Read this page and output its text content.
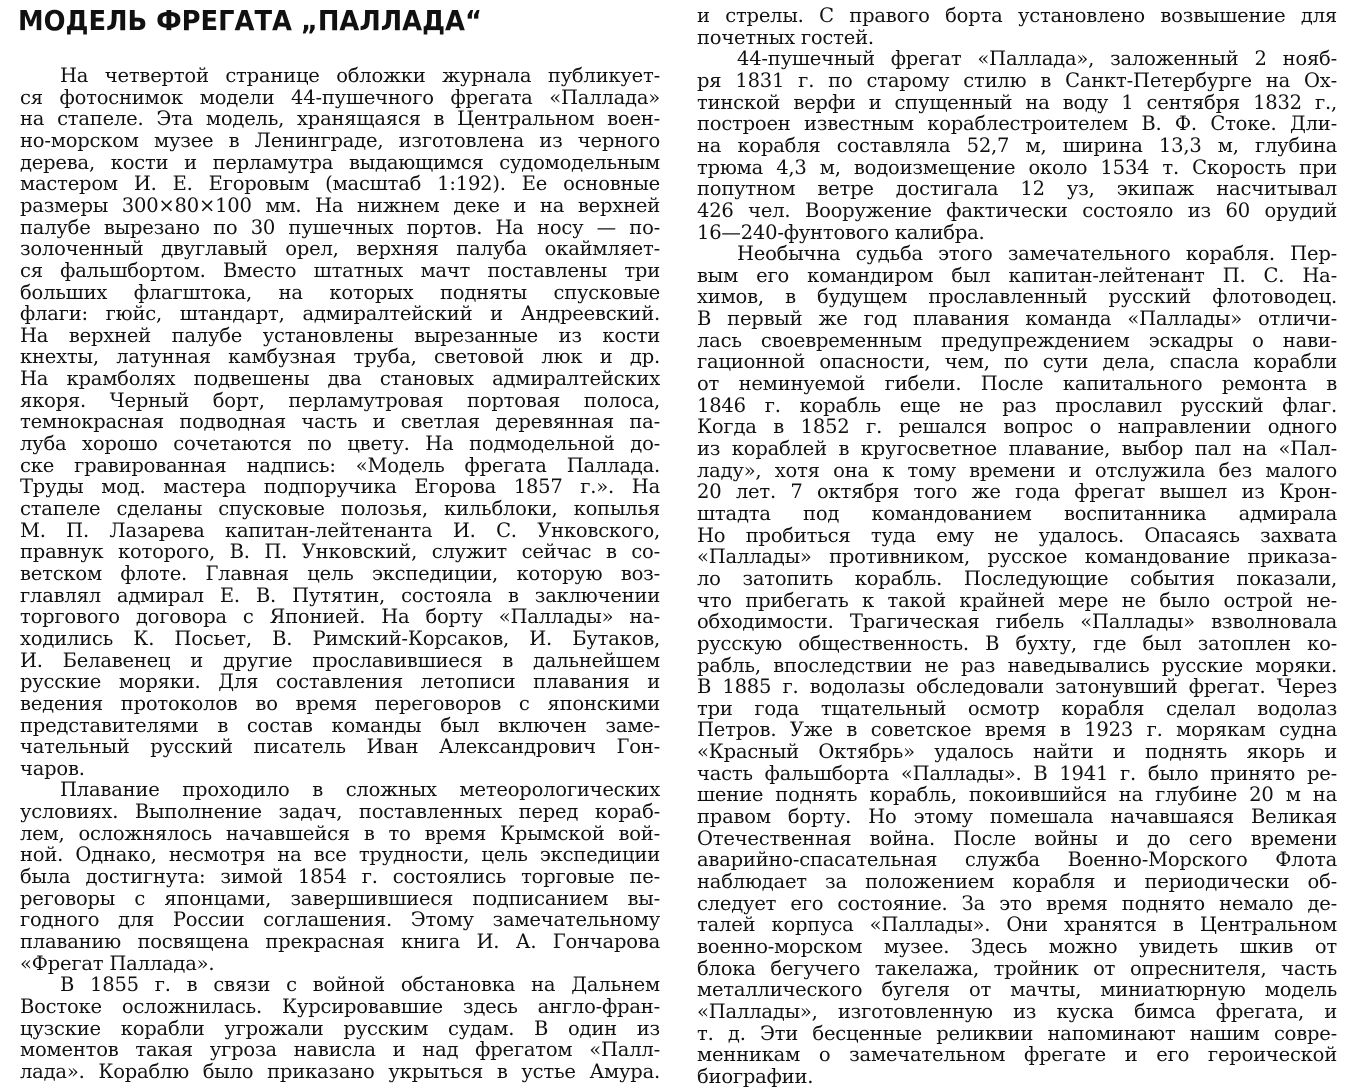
МОДЕЛЬ ФРЕГАТА „ПАЛЛАДА“
На четвертой странице обложки журнала публикует-
ся фотоснимок модели 44-пушечного фрегата «Паллада»
на стапеле. Эта модель, хранящаяся в Центральном воен-
но-морском музее в Ленинграде, изготовлена из черного
дерева, кости и перламутра выдающимся судомодельным
мастером И. Е. Егоровым (масштаб 1:192). Ее основные
размеры 300×80×100 мм. На нижнем деке и на верхней
палубе вырезано по 30 пушечных портов. На носу — по-
золоченный двуглавый орел, верхняя палуба окаймляет-
ся фальшбортом. Вместо штатных мачт поставлены три
больших флагштока, на которых подняты спусковые
флаги: гюйс, штандарт, адмиралтейский и Андреевский.
На верхней палубе установлены вырезанные из кости
кнехты, латунная камбузная труба, световой люк и др.
На крамболях подвешены два становых адмиралтейских
якоря. Черный борт, перламутровая портовая полоса,
темнокрасная подводная часть и светлая деревянная па-
луба хорошо сочетаются по цвету. На подмодельной до-
ске гравированная надпись: «Модель фрегата Паллада.
Труды мод. мастера подпоручика Егорова 1857 г.». На
стапеле сделаны спусковые полозья, кильблоки, копылья
М. П. Лазарева капитан-лейтенанта И. С. Унковского,
правнук которого, В. П. Унковский, служит сейчас в со-
ветском флоте. Главная цель экспедиции, которую воз-
главлял адмирал Е. В. Путятин, состояла в заключении
торгового договора с Японией. На борту «Паллады» на-
ходились К. Посьет, В. Римский-Корсаков, И. Бутаков,
И. Белавенец и другие прославившиеся в дальнейшем
русские моряки. Для составления летописи плавания и
ведения протоколов во время переговоров с японскими
представителями в состав команды был включен заме-
чательный русский писатель Иван Александрович Гон-
чаров.
Плавание проходило в сложных метеорологических
условиях. Выполнение задач, поставленных перед кораб-
лем, осложнялось начавшейся в то время Крымской вой-
ной. Однако, несмотря на все трудности, цель экспедиции
была достигнута: зимой 1854 г. состоялись торговые пе-
реговоры с японцами, завершившиеся подписанием вы-
годного для России соглашения. Этому замечательному
плаванию посвящена прекрасная книга И. А. Гончарова
«Фрегат Паллада».
В 1855 г. в связи с войной обстановка на Дальнем
Востоке осложнилась. Курсировавшие здесь англо-фран-
цузские корабли угрожали русским судам. В один из
моментов такая угроза нависла и над фрегатом «Палл-
лада». Кораблю было приказано укрыться в устье Амура.
и стрелы. С правого борта установлено возвышение для
почетных гостей.
44-пушечный фрегат «Паллада», заложенный 2 нояб-
ря 1831 г. по старому стилю в Санкт-Петербурге на Ох-
тинской верфи и спущенный на воду 1 сентября 1832 г.,
построен известным кораблестроителем В. Ф. Стоке. Дли-
на корабля составляла 52,7 м, ширина 13,3 м, глубина
трюма 4,3 м, водоизмещение около 1534 т. Скорость при
попутном ветре достигала 12 уз, экипаж насчитывал
426 чел. Вооружение фактически состояло из 60 орудий
16—240-фунтового калибра.
Необычна судьба этого замечательного корабля. Пер-
вым его командиром был капитан-лейтенант П. С. На-
химов, в будущем прославленный русский флотоводец.
В первый же год плавания команда «Паллады» отличи-
лась своевременным предупреждением эскадры о нави-
гационной опасности, чем, по сути дела, спасла корабли
от неминуемой гибели. После капитального ремонта в
1846 г. корабль еще не раз прославил русский флаг.
Когда в 1852 г. решался вопрос о направлении одного
из кораблей в кругосветное плавание, выбор пал на «Пал-
ладу», хотя она к тому времени и отслужила без малого
20 лет. 7 октября того же года фрегат вышел из Крон-
штадта под командованием воспитанника адмирала
Но пробиться туда ему не удалось. Опасаясь захвата
«Паллады» противником, русское командование приказа-
ло затопить корабль. Последующие события показали,
что прибегать к такой крайней мере не было острой не-
обходимости. Трагическая гибель «Паллады» взволновала
русскую общественность. В бухту, где был затоплен ко-
рабль, впоследствии не раз наведывались русские моряки.
В 1885 г. водолазы обследовали затонувший фрегат. Через
три года тщательный осмотр корабля сделал водолаз
Петров. Уже в советское время в 1923 г. морякам судна
«Красный Октябрь» удалось найти и поднять якорь и
часть фальшборта «Паллады». В 1941 г. было принято ре-
шение поднять корабль, покоившийся на глубине 20 м на
правом борту. Но этому помешала начавшаяся Великая
Отечественная война. После войны и до сего времени
аварийно-спасательная служба Военно-Морского Флота
наблюдает за положением корабля и периодически об-
следует его состояние. За это время поднято немало де-
талей корпуса «Паллады». Они хранятся в Центральном
военно-морском музее. Здесь можно увидеть шкив от
блока бегучего такелажа, тройник от опреснителя, часть
металлического бугеля от мачты, миниатюрную модель
«Паллады», изготовленную из куска бимса фрегата, и
т. д. Эти бесценные реликвии напоминают нашим совре-
менникам о замечательном фрегате и его героической
биографии.
